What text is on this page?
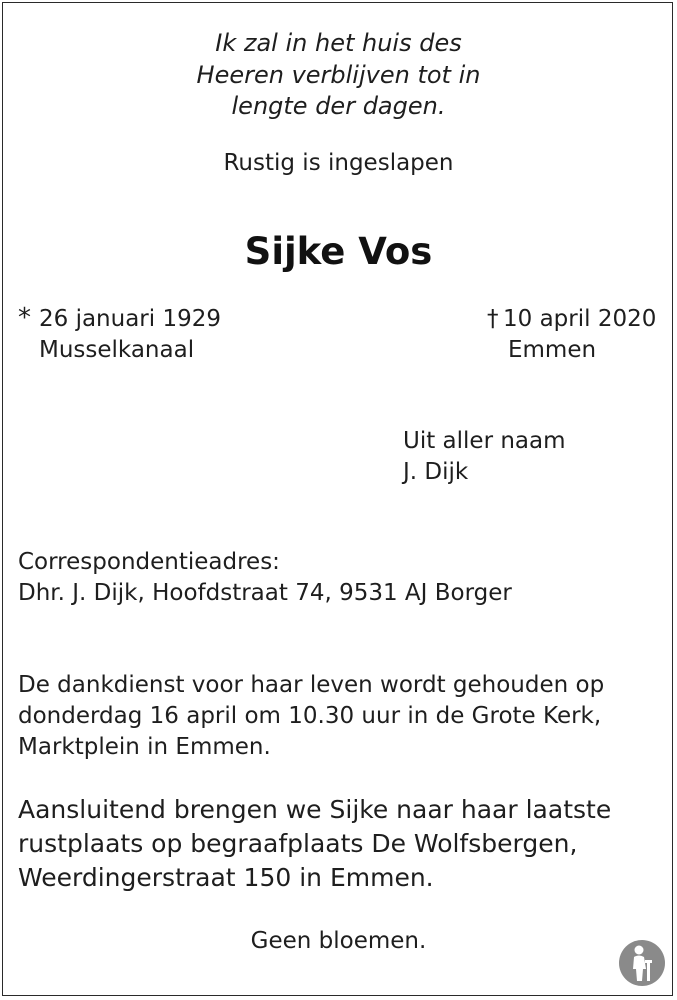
Ik zal in het huis des
Heeren verblijven tot in
lengte der dagen.
Rustig is ingeslapen
Sijke Vos
* 26 januari 1929
Musselkanaal
† 10 april 2020
Emmen
Uit aller naam
J. Dijk
Correspondentieadres:
Dhr. J. Dijk, Hoofdstraat 74, 9531 AJ Borger
De dankdienst voor haar leven wordt gehouden op
donderdag 16 april om 10.30 uur in de Grote Kerk,
Marktplein in Emmen.
Aansluitend brengen we Sijke naar haar laatste
rustplaats op begraafplaats De Wolfsbergen,
Weerdingerstraat 150 in Emmen.
Geen bloemen.
